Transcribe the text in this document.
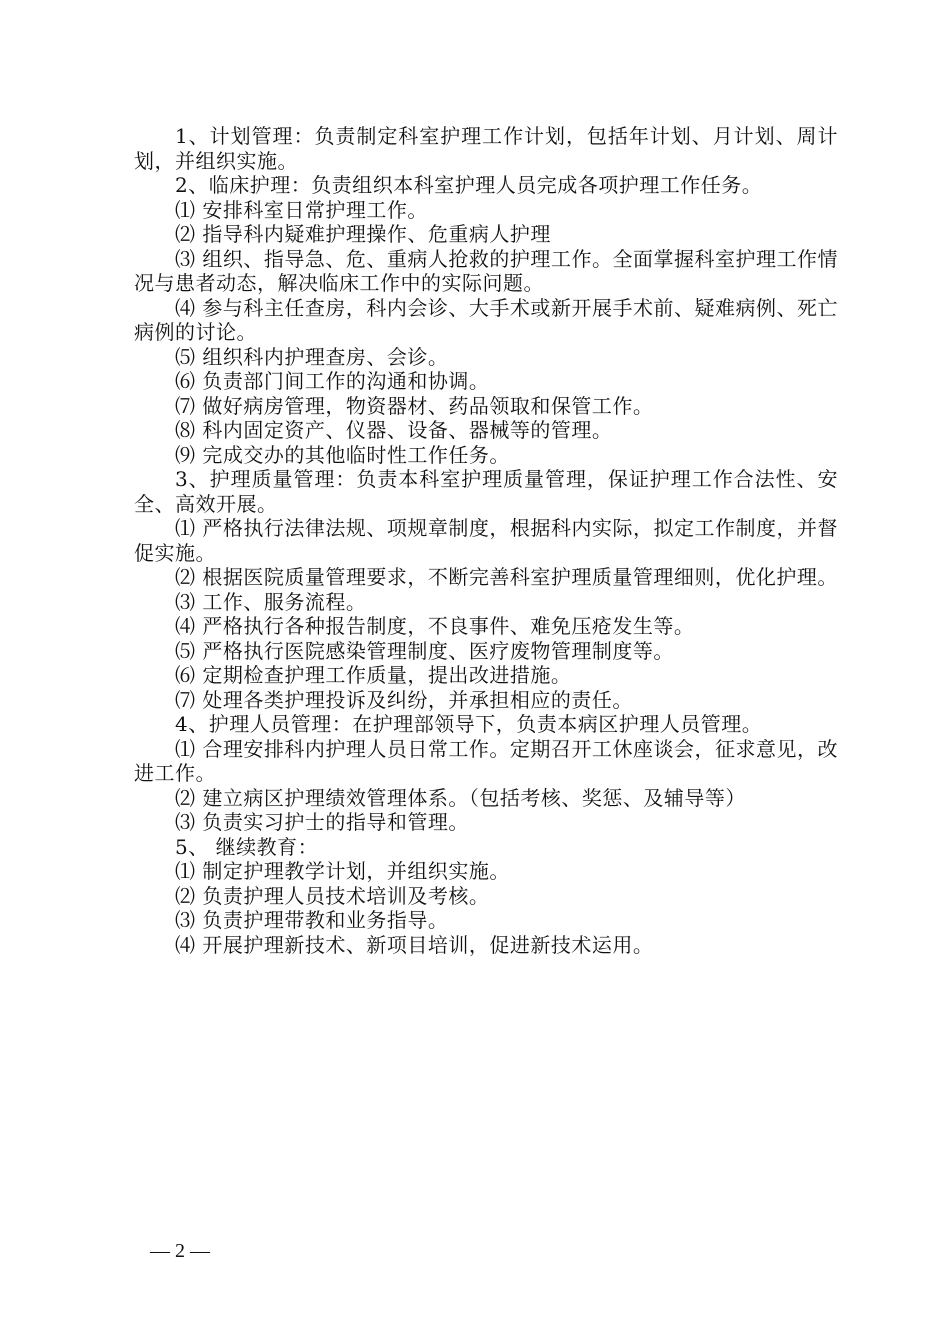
1、计划管理：负责制定科室护理工作计划，包括年计划、月计划、周计划，并组织实施。

2、临床护理：负责组织本科室护理人员完成各项护理工作任务。

⑴ 安排科室日常护理工作。

⑵ 指导科内疑难护理操作、危重病人护理

⑶ 组织、指导急、危、重病人抢救的护理工作。全面掌握科室护理工作情况与患者动态，解决临床工作中的实际问题。

⑷ 参与科主任查房，科内会诊、大手术或新开展手术前、疑难病例、死亡病例的讨论。

⑸ 组织科内护理查房、会诊。

⑹ 负责部门间工作的沟通和协调。

⑺ 做好病房管理，物资器材、药品领取和保管工作。

⑻ 科内固定资产、仪器、设备、器械等的管理。

⑼ 完成交办的其他临时性工作任务。

3、护理质量管理：负责本科室护理质量管理，保证护理工作合法性、安全、高效开展。

⑴ 严格执行法律法规、项规章制度，根据科内实际，拟定工作制度，并督促实施。

⑵ 根据医院质量管理要求，不断完善科室护理质量管理细则，优化护理。

⑶ 工作、服务流程。

⑷ 严格执行各种报告制度，不良事件、难免压疮发生等。

⑸ 严格执行医院感染管理制度、医疗废物管理制度等。

⑹ 定期检查护理工作质量，提出改进措施。

⑺ 处理各类护理投诉及纠纷，并承担相应的责任。

4、护理人员管理：在护理部领导下，负责本病区护理人员管理。

⑴ 合理安排科内护理人员日常工作。定期召开工休座谈会，征求意见，改进工作。

⑵ 建立病区护理绩效管理体系。（包括考核、奖惩、及辅导等）

⑶ 负责实习护士的指导和管理。

5、 继续教育：

⑴ 制定护理教学计划，并组织实施。

⑵ 负责护理人员技术培训及考核。

⑶ 负责护理带教和业务指导。

⑷ 开展护理新技术、新项目培训，促进新技术运用。

— 2 —
